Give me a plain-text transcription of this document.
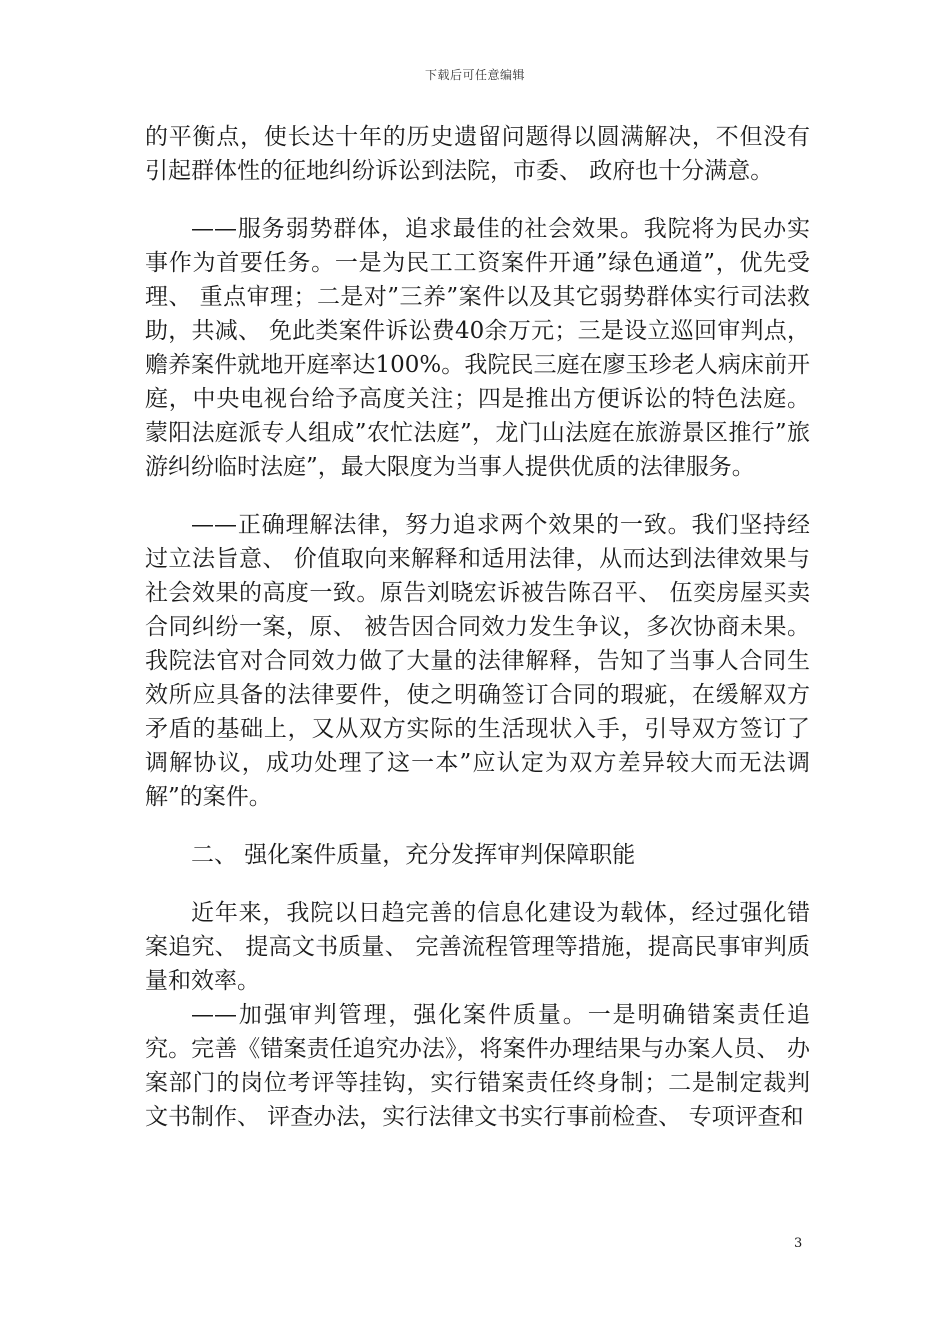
下载后可任意编辑

的平衡点，使长达十年的历史遗留问题得以圆满解决，不但没有引起群体性的征地纠纷诉讼到法院，市委、 政府也十分满意。

——服务弱势群体，追求最佳的社会效果。我院将为民办实事作为首要任务。一是为民工工资案件开通”绿色通道”，优先受理、 重点审理；二是对”三养”案件以及其它弱势群体实行司法救助，共减、 免此类案件诉讼费40余万元；三是设立巡回审判点，赡养案件就地开庭率达100%。我院民三庭在廖玉珍老人病床前开庭，中央电视台给予高度关注；四是推出方便诉讼的特色法庭。蒙阳法庭派专人组成”农忙法庭”，龙门山法庭在旅游景区推行”旅游纠纷临时法庭”，最大限度为当事人提供优质的法律服务。

——正确理解法律，努力追求两个效果的一致。我们坚持经过立法旨意、 价值取向来解释和适用法律，从而达到法律效果与社会效果的高度一致。原告刘晓宏诉被告陈召平、 伍奕房屋买卖合同纠纷一案，原、 被告因合同效力发生争议，多次协商未果。我院法官对合同效力做了大量的法律解释，告知了当事人合同生效所应具备的法律要件，使之明确签订合同的瑕疵，在缓解双方矛盾的基础上，又从双方实际的生活现状入手，引导双方签订了调解协议，成功处理了这一本”应认定为双方差异较大而无法调解”的案件。

二、 强化案件质量，充分发挥审判保障职能

近年来，我院以日趋完善的信息化建设为载体，经过强化错案追究、 提高文书质量、 完善流程管理等措施，提高民事审判质量和效率。

——加强审判管理，强化案件质量。一是明确错案责任追究。完善《错案责任追究办法》，将案件办理结果与办案人员、 办案部门的岗位考评等挂钩，实行错案责任终身制；二是制定裁判文书制作、 评查办法，实行法律文书实行事前检查、 专项评查和

3
